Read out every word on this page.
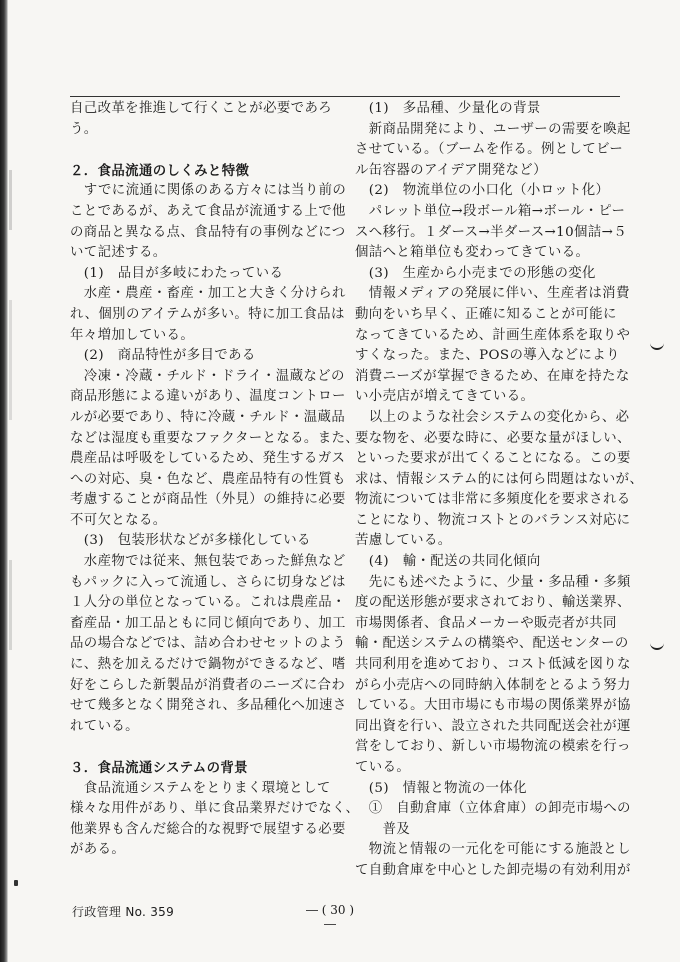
自己改革を推進して行くことが必要であろ
う。
２．食品流通のしくみと特徴
　すでに流通に関係のある方々には当り前の
ことであるが、あえて食品が流通する上で他
の商品と異なる点、食品特有の事例などにつ
いて記述する。
　(1)　品目が多岐にわたっている
　水産・農産・畜産・加工と大きく分けられ
れ、個別のアイテムが多い。特に加工食品は
年々増加している。
　(2)　商品特性が多目である
　冷凍・冷蔵・チルド・ドライ・温蔵などの
商品形態による違いがあり、温度コントロー
ルが必要であり、特に冷蔵・チルド・温蔵品
などは湿度も重要なファクターとなる。また、
農産品は呼吸をしているため、発生するガス
への対応、臭・色など、農産品特有の性質も
考慮することが商品性（外見）の維持に必要
不可欠となる。
　(3)　包装形状などが多様化している
　水産物では従来、無包装であった鮮魚など
もパックに入って流通し、さらに切身などは
１人分の単位となっている。これは農産品・
畜産品・加工品ともに同じ傾向であり、加工
品の場合などでは、詰め合わせセットのよう
に、熱を加えるだけで鍋物ができるなど、嗜
好をこらした新製品が消費者のニーズに合わ
せて幾多となく開発され、多品種化へ加速さ
れている。
３．食品流通システムの背景
　食品流通システムをとりまく環境として
様々な用件があり、単に食品業界だけでなく、
他業界も含んだ総合的な視野で展望する必要
がある。
　(1)　多品種、少量化の背景
　新商品開発により、ユーザーの需要を喚起
させている。（ブームを作る。例としてビー
ル缶容器のアイデア開発など）
　(2)　物流単位の小口化（小ロット化）
　パレット単位→段ボール箱→ボール・ピー
スへ移行。１ダース→半ダース→10個詰→５
個詰へと箱単位も変わってきている。
　(3)　生産から小売までの形態の変化
　情報メディアの発展に伴い、生産者は消費
動向をいち早く、正確に知ることが可能に
なってきているため、計画生産体系を取りや
すくなった。また、POSの導入などにより
消費ニーズが掌握できるため、在庫を持たな
い小売店が増えてきている。
　以上のような社会システムの変化から、必
要な物を、必要な時に、必要な量がほしい、
といった要求が出てくることになる。この要
求は、情報システム的には何ら問題はないが、
物流については非常に多頻度化を要求される
ことになり、物流コストとのバランス対応に
苦慮している。
　(4)　輸・配送の共同化傾向
　先にも述べたように、少量・多品種・多頻
度の配送形態が要求されており、輸送業界、
市場関係者、食品メーカーや販売者が共同
輸・配送システムの構築や、配送センターの
共同利用を進めており、コスト低減を図りな
がら小売店への同時納入体制をとるよう努力
している。大田市場にも市場の関係業界が協
同出資を行い、設立された共同配送会社が運
営をしており、新しい市場物流の模索を行っ
ている。
　(5)　情報と物流の一体化
　①　自動倉庫（立体倉庫）の卸売市場への
　　普及
　物流と情報の一元化を可能にする施設とし
て自動倉庫を中心とした卸売場の有効利用が
行政管理 No. 359	― ( 30 ) ―
